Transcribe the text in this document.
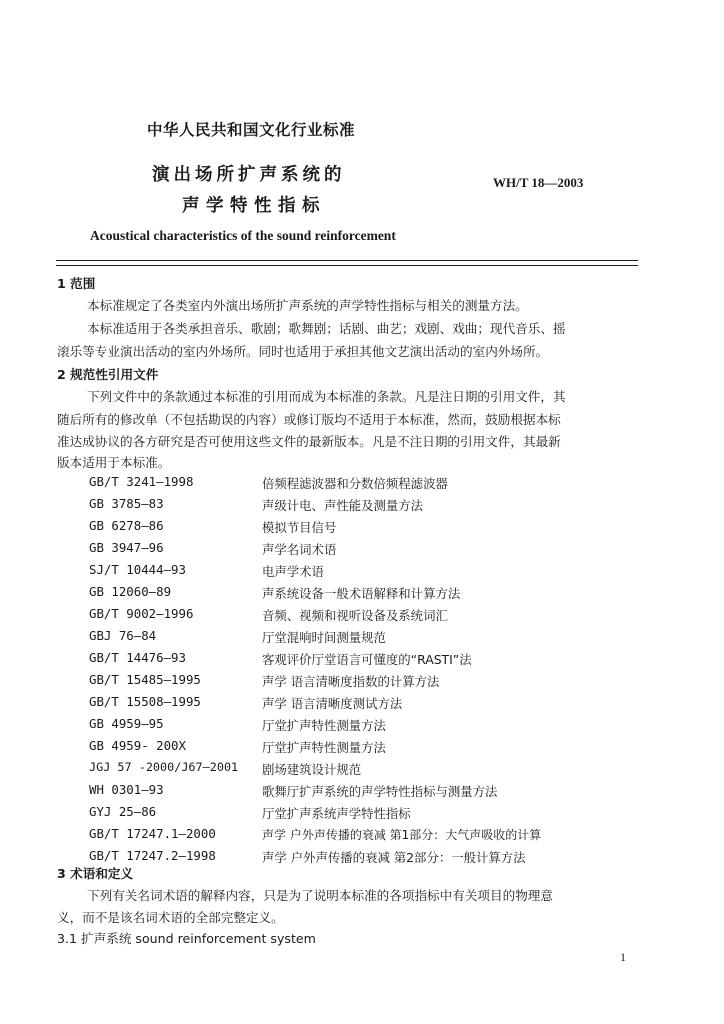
中华人民共和国文化行业标准
演出场所扩声系统的
声学特性指标
WH/T 18—2003
Acoustical characteristics of the sound reinforcement
1 范围
本标准规定了各类室内外演出场所扩声系统的声学特性指标与相关的测量方法。
本标准适用于各类承担音乐、歌剧；歌舞剧；话剧、曲艺；戏剧、戏曲；现代音乐、摇
滚乐等专业演出活动的室内外场所。同时也适用于承担其他文艺演出活动的室内外场所。
2 规范性引用文件
下列文件中的条款通过本标准的引用而成为本标准的条款。凡是注日期的引用文件，其
随后所有的修改单（不包括勘误的内容）或修订版均不适用于本标准，然而，鼓励根据本标
准达成协议的各方研究是否可使用这些文件的最新版本。凡是不注日期的引用文件，其最新
版本适用于本标准。
GB/T 3241—1998	倍频程滤波器和分数倍频程滤波器
GB 3785—83	声级计电、声性能及测量方法
GB 6278—86	模拟节目信号
GB 3947—96	声学名词术语
SJ/T 10444—93	电声学术语
GB 12060—89	声系统设备一般术语解释和计算方法
GB/T 9002—1996	音频、视频和视听设备及系统词汇
GBJ 76—84	厅堂混响时间测量规范
GB/T 14476—93	客观评价厅堂语言可懂度的“RASTI”法
GB/T 15485—1995	声学 语言清晰度指数的计算方法
GB/T 15508—1995	声学 语言清晰度测试方法
GB 4959—95	厅堂扩声特性测量方法
GB 4959- 200X	厅堂扩声特性测量方法
JGJ 57 -2000/J67—2001 剧场建筑设计规范
WH 0301—93	歌舞厅扩声系统的声学特性指标与测量方法
GYJ 25—86	厅堂扩声系统声学特性指标
GB/T 17247.1—2000	声学 户外声传播的衰减 第1部分：大气声吸收的计算
GB/T 17247.2—1998	声学 户外声传播的衰减 第2部分：一般计算方法
3 术语和定义
下列有关名词术语的解释内容，只是为了说明本标准的各项指标中有关项目的物理意
义，而不是该名词术语的全部完整定义。
3.1 扩声系统 sound reinforcement system
1
